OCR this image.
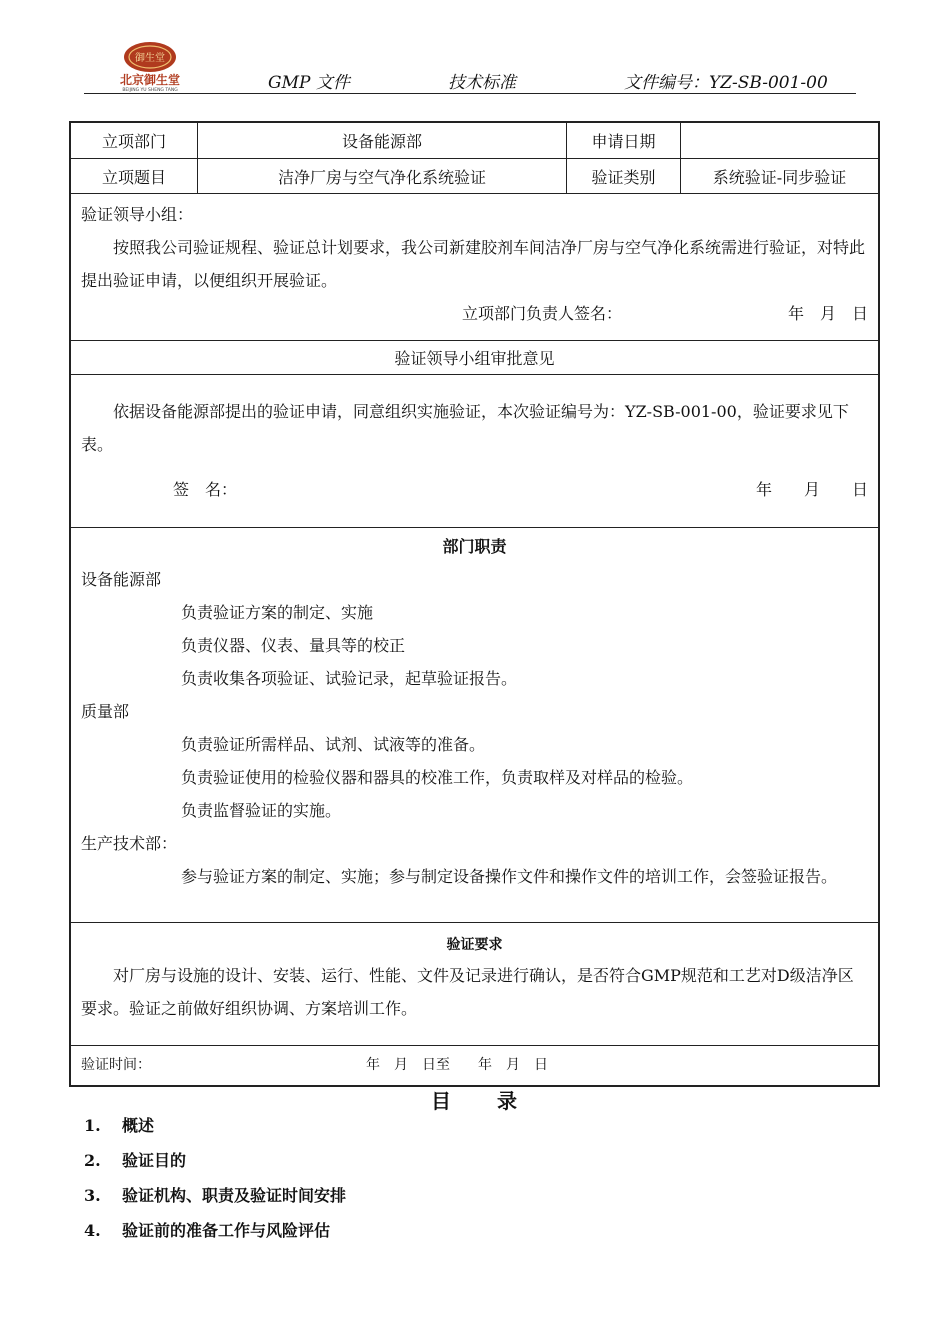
御生堂
北京御生堂
BEIJING YU SHENG TANG	GMP 文件	技术标准	文件编号：YZ-SB-001-00
立项部门	设备能源部	申请日期
立项题目	洁净厂房与空气净化系统验证	验证类别	系统验证-同步验证
验证领导小组：
按照我公司验证规程、验证总计划要求，我公司新建胶剂车间洁净厂房与空气净化系统需进行验证，对特此提出验证申请，以便组织开展验证。
立项部门负责人签名：	年　月　日
验证领导小组审批意见
依据设备能源部提出的验证申请，同意组织实施验证，本次验证编号为：YZ-SB-001-00，验证要求见下表。
签　名：	年　　月　　日
部门职责
设备能源部
负责验证方案的制定、实施
负责仪器、仪表、量具等的校正
负责收集各项验证、试验记录，起草验证报告。
质量部
负责验证所需样品、试剂、试液等的准备。
负责验证使用的检验仪器和器具的校准工作，负责取样及对样品的检验。
负责监督验证的实施。
生产技术部：
参与验证方案的制定、实施；参与制定设备操作文件和操作文件的培训工作，会签验证报告。
验证要求
对厂房与设施的设计、安装、运行、性能、文件及记录进行确认，是否符合GMP规范和工艺对D级洁净区要求。验证之前做好组织协调、方案培训工作。
验证时间：	年　月　日至　　年　月　日
目　　录
1.	概述
2.	验证目的
3.	验证机构、职责及验证时间安排
4.	验证前的准备工作与风险评估
